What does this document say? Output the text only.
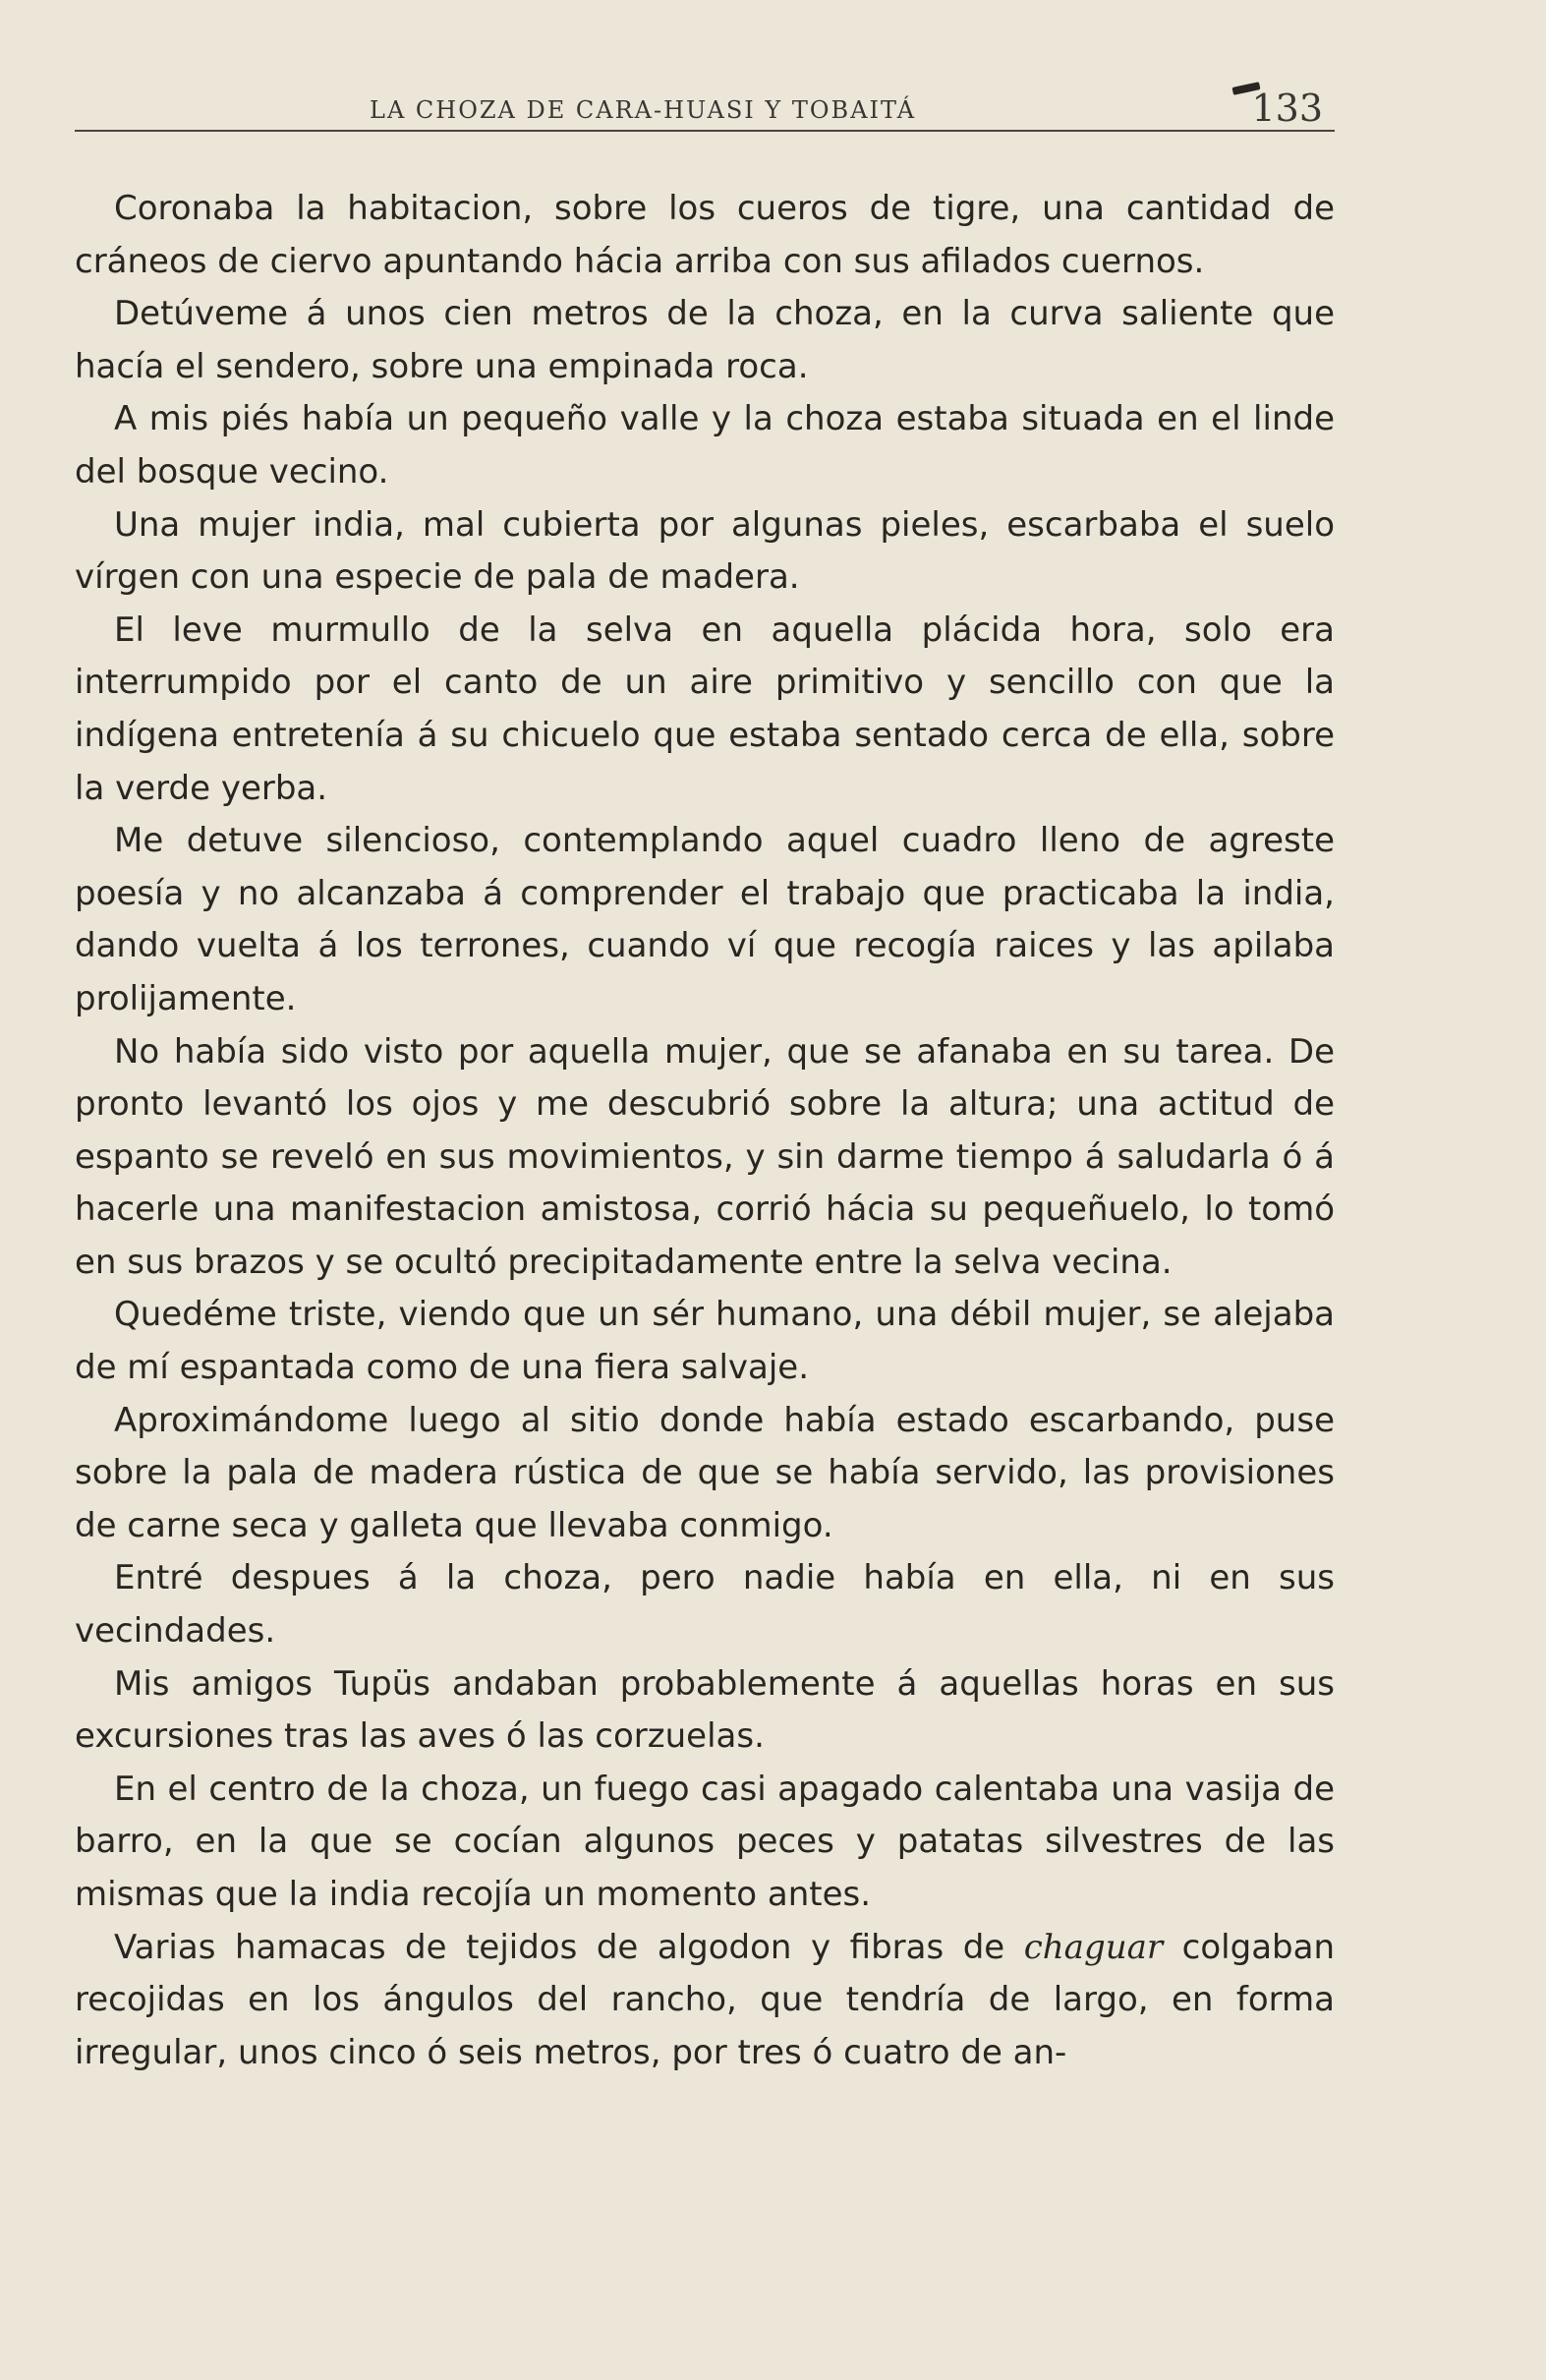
LA CHOZA DE CARA-HUASI Y TOBAITÁ	133

Coronaba la habitacion, sobre los cueros de tigre, una cantidad de cráneos de ciervo apuntando hácia arriba con sus afilados cuernos.

Detúveme á unos cien metros de la choza, en la curva saliente que hacía el sendero, sobre una empinada roca.

A mis piés había un pequeño valle y la choza estaba situada en el linde del bosque vecino.

Una mujer india, mal cubierta por algunas pieles, escarbaba el suelo vírgen con una especie de pala de madera.

El leve murmullo de la selva en aquella plácida hora, solo era interrumpido por el canto de un aire primitivo y sencillo con que la indígena entretenía á su chicuelo que estaba sentado cerca de ella, sobre la verde yerba.

Me detuve silencioso, contemplando aquel cuadro lleno de agreste poesía y no alcanzaba á comprender el trabajo que practicaba la india, dando vuelta á los terrones, cuando ví que recogía raices y las apilaba prolijamente.

No había sido visto por aquella mujer, que se afanaba en su tarea. De pronto levantó los ojos y me descubrió sobre la altura; una actitud de espanto se reveló en sus movimientos, y sin darme tiempo á saludarla ó á hacerle una manifestacion amistosa, corrió hácia su pequeñuelo, lo tomó en sus brazos y se ocultó precipitadamente entre la selva vecina.

Quedéme triste, viendo que un sér humano, una débil mujer, se alejaba de mí espantada como de una fiera salvaje.

Aproximándome luego al sitio donde había estado escarbando, puse sobre la pala de madera rústica de que se había servido, las provisiones de carne seca y galleta que llevaba conmigo.

Entré despues á la choza, pero nadie había en ella, ni en sus vecindades.

Mis amigos Tupüs andaban probablemente á aquellas horas en sus excursiones tras las aves ó las corzuelas.

En el centro de la choza, un fuego casi apagado calentaba una vasija de barro, en la que se cocían algunos peces y patatas silvestres de las mismas que la india recojía un momento antes.

Varias hamacas de tejidos de algodon y fibras de chaguar colgaban recojidas en los ángulos del rancho, que tendría de largo, en forma irregular, unos cinco ó seis metros, por tres ó cuatro de an-
